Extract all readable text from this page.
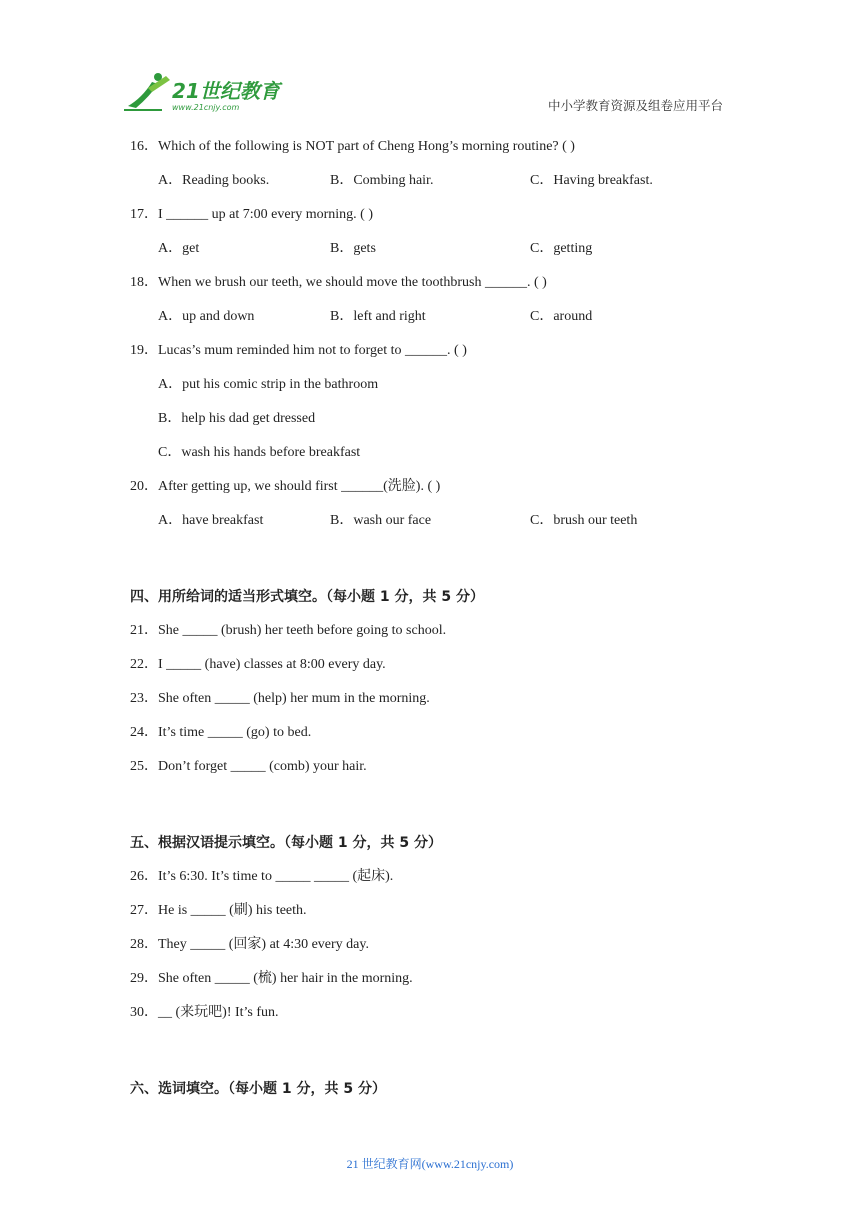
21世纪教育
www.21cnjy.com	中小学教育资源及组卷应用平台
16．Which of the following is NOT part of Cheng Hong’s morning routine? ( )
A．Reading books.	B．Combing hair.	C．Having breakfast.
17．I ______ up at 7:00 every morning. ( )
A．get	B．gets	C．getting
18．When we brush our teeth, we should move the toothbrush ______. ( )
A．up and down	B．left and right	C．around
19．Lucas’s mum reminded him not to forget to ______. ( )
A．put his comic strip in the bathroom
B．help his dad get dressed
C．wash his hands before breakfast
20．After getting up, we should first ______(洗脸). ( )
A．have breakfast	B．wash our face	C．brush our teeth
四、用所给词的适当形式填空。（每小题 1 分，共 5 分）
21．She _____ (brush) her teeth before going to school.
22．I _____ (have) classes at 8:00 every day.
23．She often _____ (help) her mum in the morning.
24．It’s time _____ (go) to bed.
25．Don’t forget _____ (comb) your hair.
五、根据汉语提示填空。（每小题 1 分，共 5 分）
26．It’s 6:30. It’s time to _____ _____ (起床).
27．He is _____ (刷) his teeth.
28．They _____ (回家) at 4:30 every day.
29．She often _____ (梳) her hair in the morning.
30．__ (来玩吧)! It’s fun.
六、选词填空。（每小题 1 分，共 5 分）
21 世纪教育网(www.21cnjy.com)
